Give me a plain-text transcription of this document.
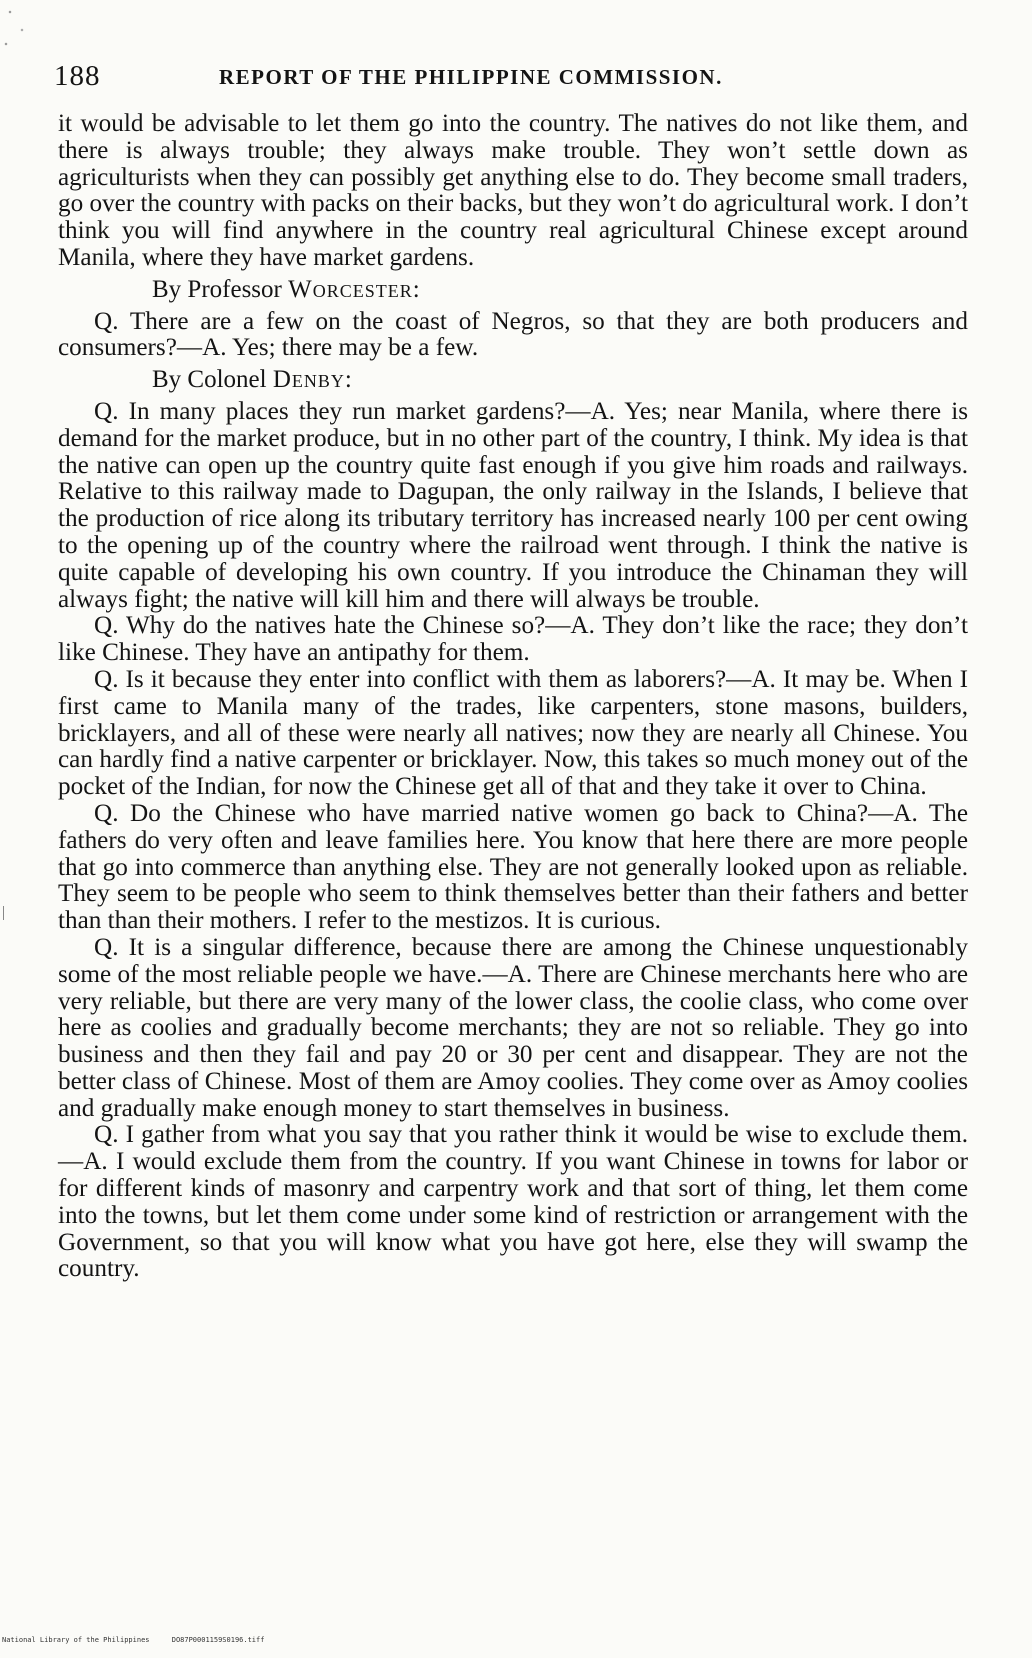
188	REPORT OF THE PHILIPPINE COMMISSION.

it would be advisable to let them go into the country. The natives do not like them, and there is always trouble; they always make trouble. They won’t settle down as agriculturists when they can possibly get anything else to do. They become small traders, go over the country with packs on their backs, but they won’t do agricultural work. I don’t think you will find anywhere in the country real agricultural Chinese except around Manila, where they have market gardens.

By Professor Worcester:

Q. There are a few on the coast of Negros, so that they are both producers and consumers?—A. Yes; there may be a few.

By Colonel Denby:

Q. In many places they run market gardens?—A. Yes; near Manila, where there is demand for the market produce, but in no other part of the country, I think. My idea is that the native can open up the country quite fast enough if you give him roads and railways. Relative to this railway made to Dagupan, the only railway in the Islands, I believe that the production of rice along its tributary territory has increased nearly 100 per cent owing to the opening up of the country where the railroad went through. I think the native is quite capable of developing his own country. If you introduce the Chinaman they will always fight; the native will kill him and there will always be trouble.

Q. Why do the natives hate the Chinese so?—A. They don’t like the race; they don’t like Chinese. They have an antipathy for them.

Q. Is it because they enter into conflict with them as laborers?—A. It may be. When I first came to Manila many of the trades, like carpenters, stone masons, builders, bricklayers, and all of these were nearly all natives; now they are nearly all Chinese. You can hardly find a native carpenter or bricklayer. Now, this takes so much money out of the pocket of the Indian, for now the Chinese get all of that and they take it over to China.

Q. Do the Chinese who have married native women go back to China?—A. The fathers do very often and leave families here. You know that here there are more people that go into commerce than anything else. They are not generally looked upon as reliable. They seem to be people who seem to think themselves better than their fathers and better than than their mothers. I refer to the mestizos. It is curious.

Q. It is a singular difference, because there are among the Chinese unquestionably some of the most reliable people we have.—A. There are Chinese merchants here who are very reliable, but there are very many of the lower class, the coolie class, who come over here as coolies and gradually become merchants; they are not so reliable. They go into business and then they fail and pay 20 or 30 per cent and disappear. They are not the better class of Chinese. Most of them are Amoy coolies. They come over as Amoy coolies and gradually make enough money to start themselves in business.

Q. I gather from what you say that you rather think it would be wise to exclude them.—A. I would exclude them from the country. If you want Chinese in towns for labor or for different kinds of masonry and carpentry work and that sort of thing, let them come into the towns, but let them come under some kind of restriction or arrangement with the Government, so that you will know what you have got here, else they will swamp the country.

National Library of the Philippines	DO87P0001159S0196.tiff
